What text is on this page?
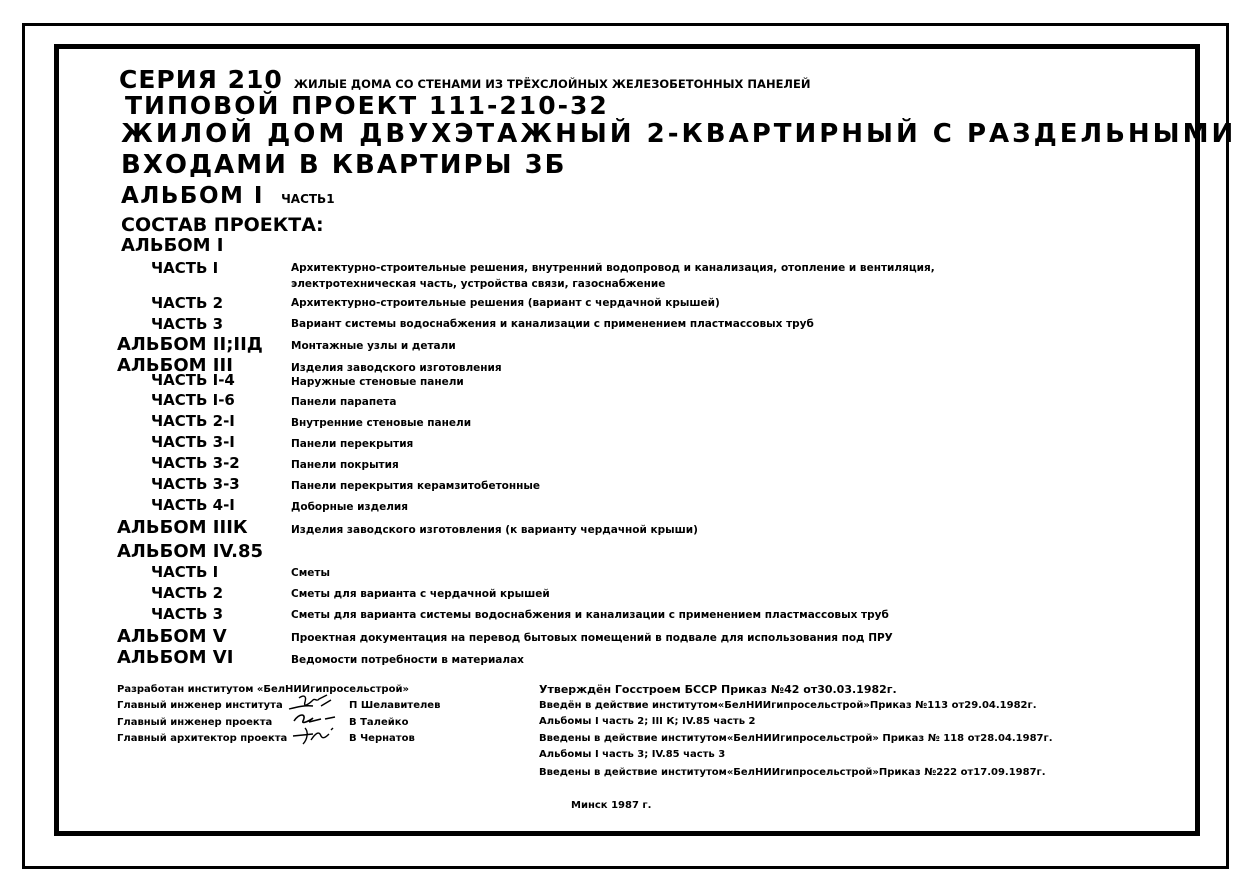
СЕРИЯ 210 ЖИЛЫЕ ДОМА СО СТЕНАМИ ИЗ ТРЁХСЛОЙНЫХ ЖЕЛЕЗОБЕТОННЫХ ПАНЕЛЕЙ
ТИПОВОЙ ПРОЕКТ 111-210-32
ЖИЛОЙ ДОМ ДВУХЭТАЖНЫЙ 2-КВАРТИРНЫЙ С РАЗДЕЛЬНЫМИ
ВХОДАМИ В КВАРТИРЫ 3Б
АЛЬБОМ I ЧАСТЬ1
СОСТАВ ПРОЕКТА:
АЛЬБОМ I
ЧАСТЬ I	Архитектурно-строительные решения, внутренний водопровод и канализация, отопление и вентиляция,
электротехническая часть, устройства связи, газоснабжение
ЧАСТЬ 2	Архитектурно-строительные решения (вариант с чердачной крышей)
ЧАСТЬ 3	Вариант системы водоснабжения и канализации с применением пластмассовых труб
АЛЬБОМ II;IIД	Монтажные узлы и детали
АЛЬБОМ III	Изделия заводского изготовления
ЧАСТЬ I-4	Наружные стеновые панели
ЧАСТЬ I-6	Панели парапета
ЧАСТЬ 2-I	Внутренние стеновые панели
ЧАСТЬ 3-I	Панели перекрытия
ЧАСТЬ 3-2	Панели покрытия
ЧАСТЬ 3-3	Панели перекрытия керамзитобетонные
ЧАСТЬ 4-I	Доборные изделия
АЛЬБОМ IIIК	Изделия заводского изготовления (к варианту чердачной крыши)
АЛЬБОМ IV.85
ЧАСТЬ I	Сметы
ЧАСТЬ 2	Сметы для варианта с чердачной крышей
ЧАСТЬ 3	Сметы для варианта системы водоснабжения и канализации с применением пластмассовых труб
АЛЬБОМ V	Проектная документация на перевод бытовых помещений в подвале для использования под ПРУ
АЛЬБОМ VI	Ведомости потребности в материалах
Разработан институтом «БелНИИгипросельстрой»
Главный инженер института	П Шелавителев
Главный инженер проекта	В Талейко
Главный архитектор проекта	В Чернатов
Утверждён Госстроем БССР Приказ №42 от30.03.1982г.
Введён в действие институтом«БелНИИгипросельстрой»Приказ №113 от29.04.1982г.
Альбомы I часть 2; III К; IV.85 часть 2
Введены в действие институтом«БелНИИгипросельстрой» Приказ № 118 от28.04.1987г.
Альбомы I часть 3; IV.85 часть 3
Введены в действие институтом«БелНИИгипросельстрой»Приказ №222 от17.09.1987г.
Минск 1987 г.
